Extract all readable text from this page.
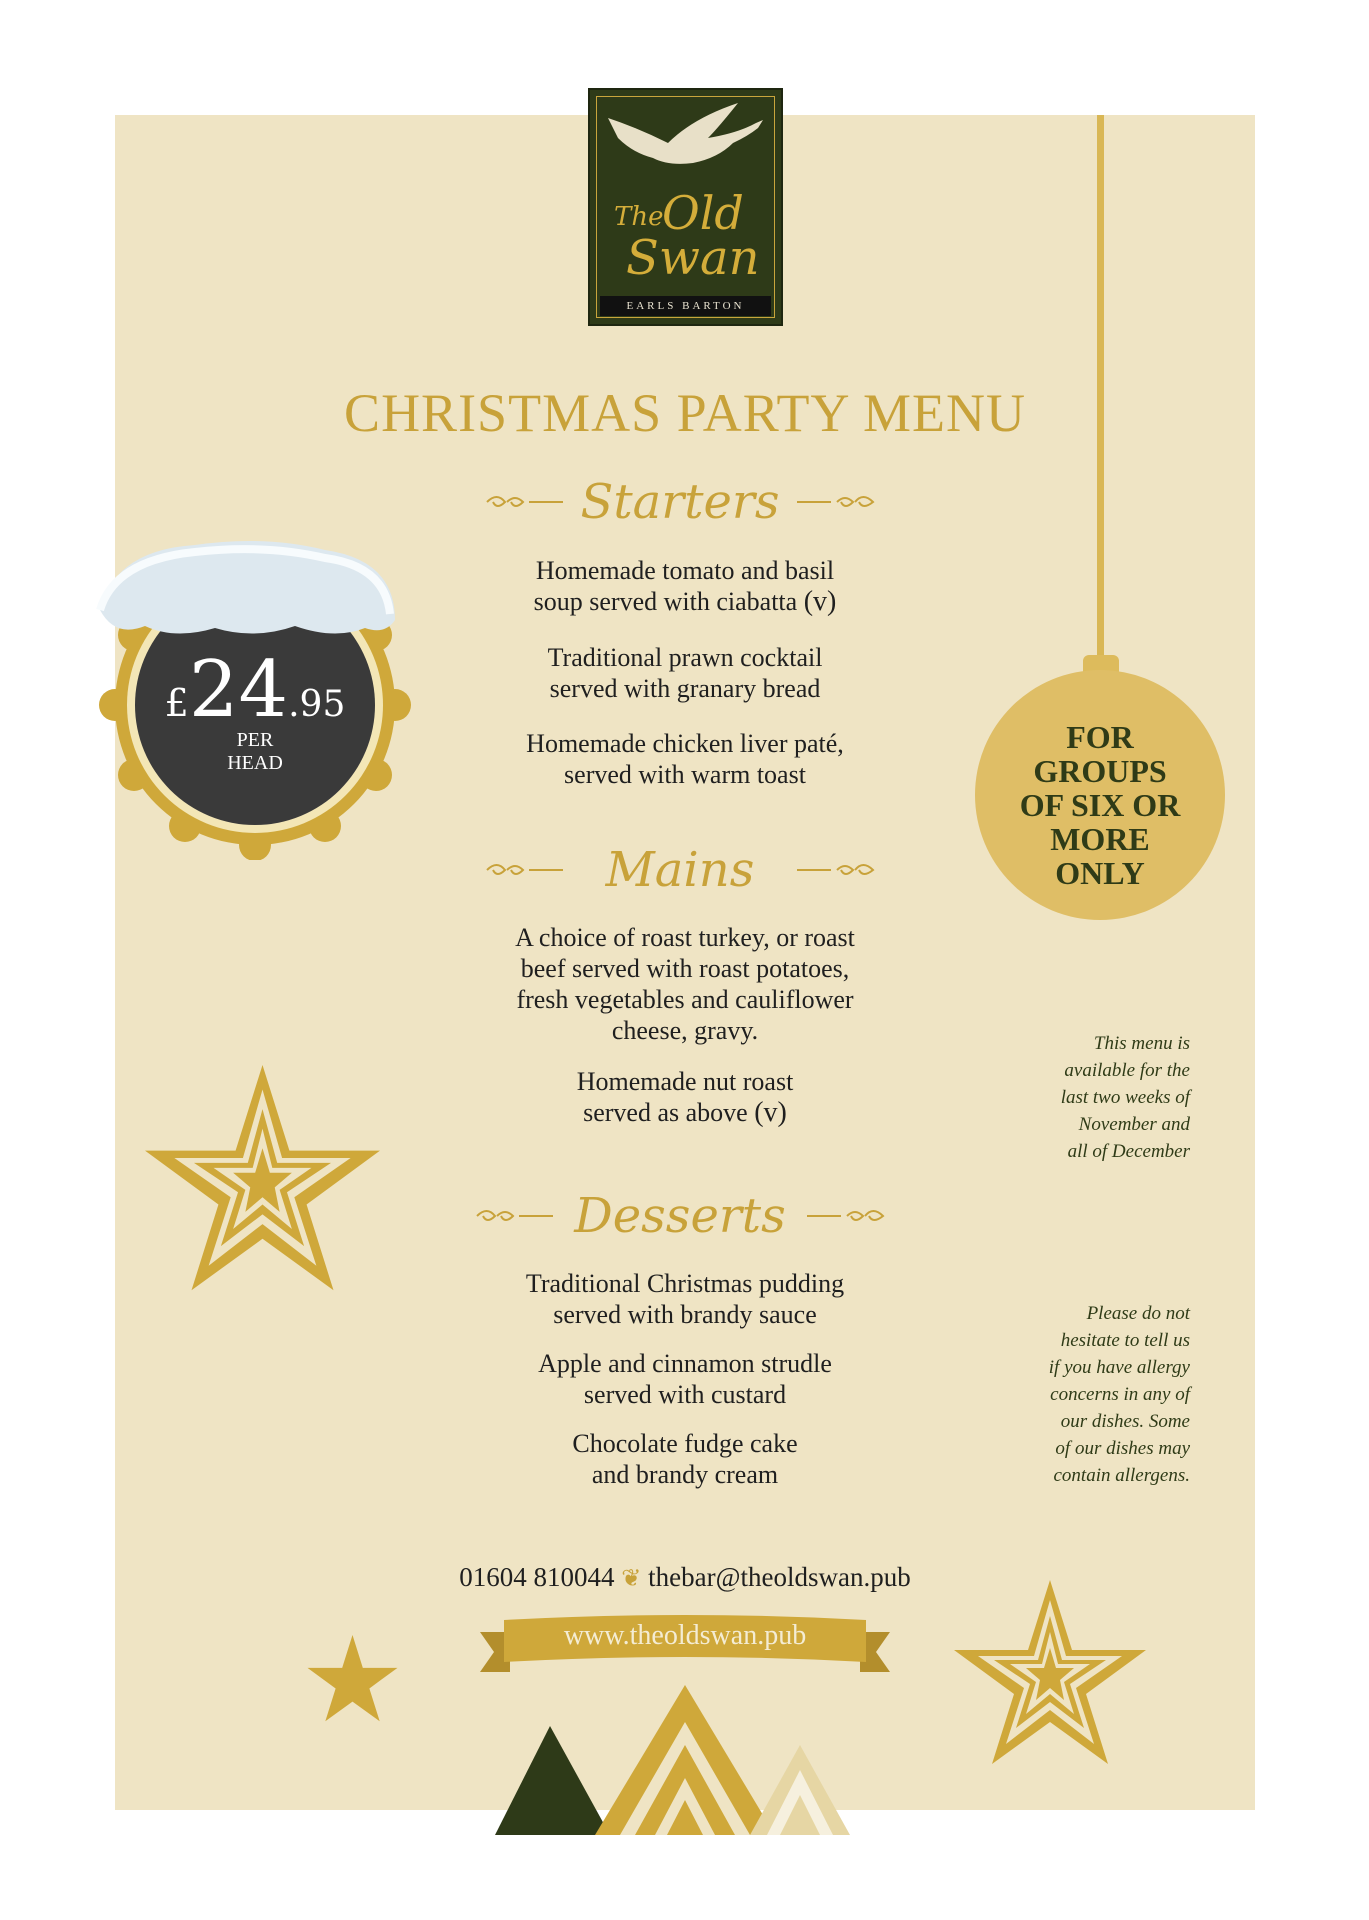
The
Old
Swan
EARLS BARTON
CHRISTMAS PARTY MENU
FOR
GROUPS
OF SIX OR
MORE
ONLY
£24.95
PER
HEAD
Starters
Homemade tomato and basil
soup served with ciabatta (v)
Traditional prawn cocktail
served with granary bread
Homemade chicken liver paté,
served with warm toast
Mains
A choice of roast turkey, or roast
beef served with roast potatoes,
fresh vegetables and cauliflower
cheese, gravy.
Homemade nut roast
served as above (v)
Desserts
Traditional Christmas pudding
served with brandy sauce
Apple and cinnamon strudle
served with custard
Chocolate fudge cake
and brandy cream
This menu is
available for the
last two weeks of
November and
all of December
Please do not
hesitate to tell us
if you have allergy
concerns in any of
our dishes. Some
of our dishes may
contain allergens.
01604 810044 ❦ thebar@theoldswan.pub
www.theoldswan.pub
